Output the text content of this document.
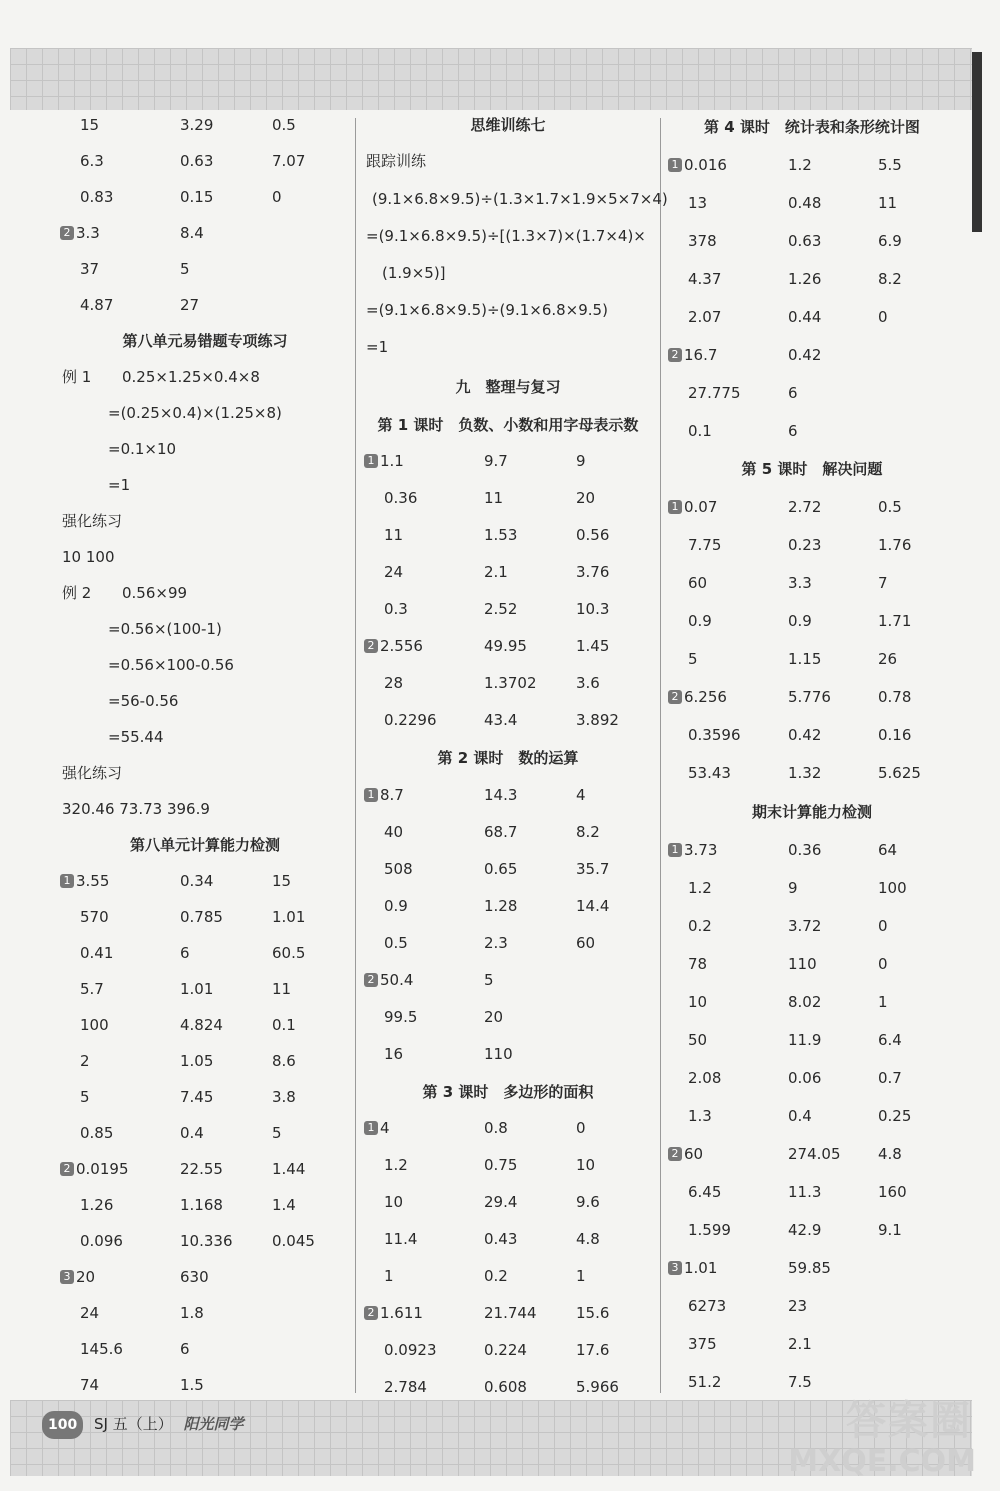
15	3.29	0.5
6.3	0.63	7.07
0.83	0.15	0
2 3.3	8.4
37	5
4.87	27
第八单元易错题专项练习
例 1 0.25×1.25×0.4×8
=(0.25×0.4)×(1.25×8)
=0.1×10
=1
强化练习
10 100
例 2 0.56×99
=0.56×(100-1)
=0.56×100-0.56
=56-0.56
=55.44
强化练习
320.46 73.73 396.9
第八单元计算能力检测
1 3.55	0.34	15
570	0.785	1.01
0.41	6	60.5
5.7	1.01	11
100	4.824	0.1
2	1.05	8.6
5	7.45	3.8
0.85	0.4	5
2 0.0195	22.55	1.44
1.26	1.168	1.4
0.096	10.336	0.045
3 20	630
24	1.8
145.6	6
74	1.5
思维训练七
跟踪训练
(9.1×6.8×9.5)÷(1.3×1.7×1.9×5×7×4)
=(9.1×6.8×9.5)÷[(1.3×7)×(1.7×4)×
(1.9×5)]
=(9.1×6.8×9.5)÷(9.1×6.8×9.5)
=1
九　整理与复习
第 1 课时　负数、小数和用字母表示数
1 1.1	9.7	9
0.36	11	20
11	1.53	0.56
24	2.1	3.76
0.3	2.52	10.3
2 2.556	49.95	1.45
28	1.3702	3.6
0.2296	43.4	3.892
第 2 课时　数的运算
1 8.7	14.3	4
40	68.7	8.2
508	0.65	35.7
0.9	1.28	14.4
0.5	2.3	60
2 50.4	5
99.5	20
16	110
第 3 课时　多边形的面积
1 4	0.8	0
1.2	0.75	10
10	29.4	9.6
11.4	0.43	4.8
1	0.2	1
2 1.611	21.744	15.6
0.0923	0.224	17.6
2.784	0.608	5.966
第 4 课时　统计表和条形统计图
1 0.016	1.2	5.5
13	0.48	11
378	0.63	6.9
4.37	1.26	8.2
2.07	0.44	0
2 16.7	0.42
27.775	6
0.1	6
第 5 课时　解决问题
1 0.07	2.72	0.5
7.75	0.23	1.76
60	3.3	7
0.9	0.9	1.71
5	1.15	26
2 6.256	5.776	0.78
0.3596	0.42	0.16
53.43	1.32	5.625
期末计算能力检测
1 3.73	0.36	64
1.2	9	100
0.2	3.72	0
78	110	0
10	8.02	1
50	11.9	6.4
2.08	0.06	0.7
1.3	0.4	0.25
2 60	274.05	4.8
6.45	11.3	160
1.599	42.9	9.1
3 1.01	59.85
6273	23
375	2.1
51.2	7.5
100 SJ 五（上） 阳光同学	答案圈
MXQE.COM
